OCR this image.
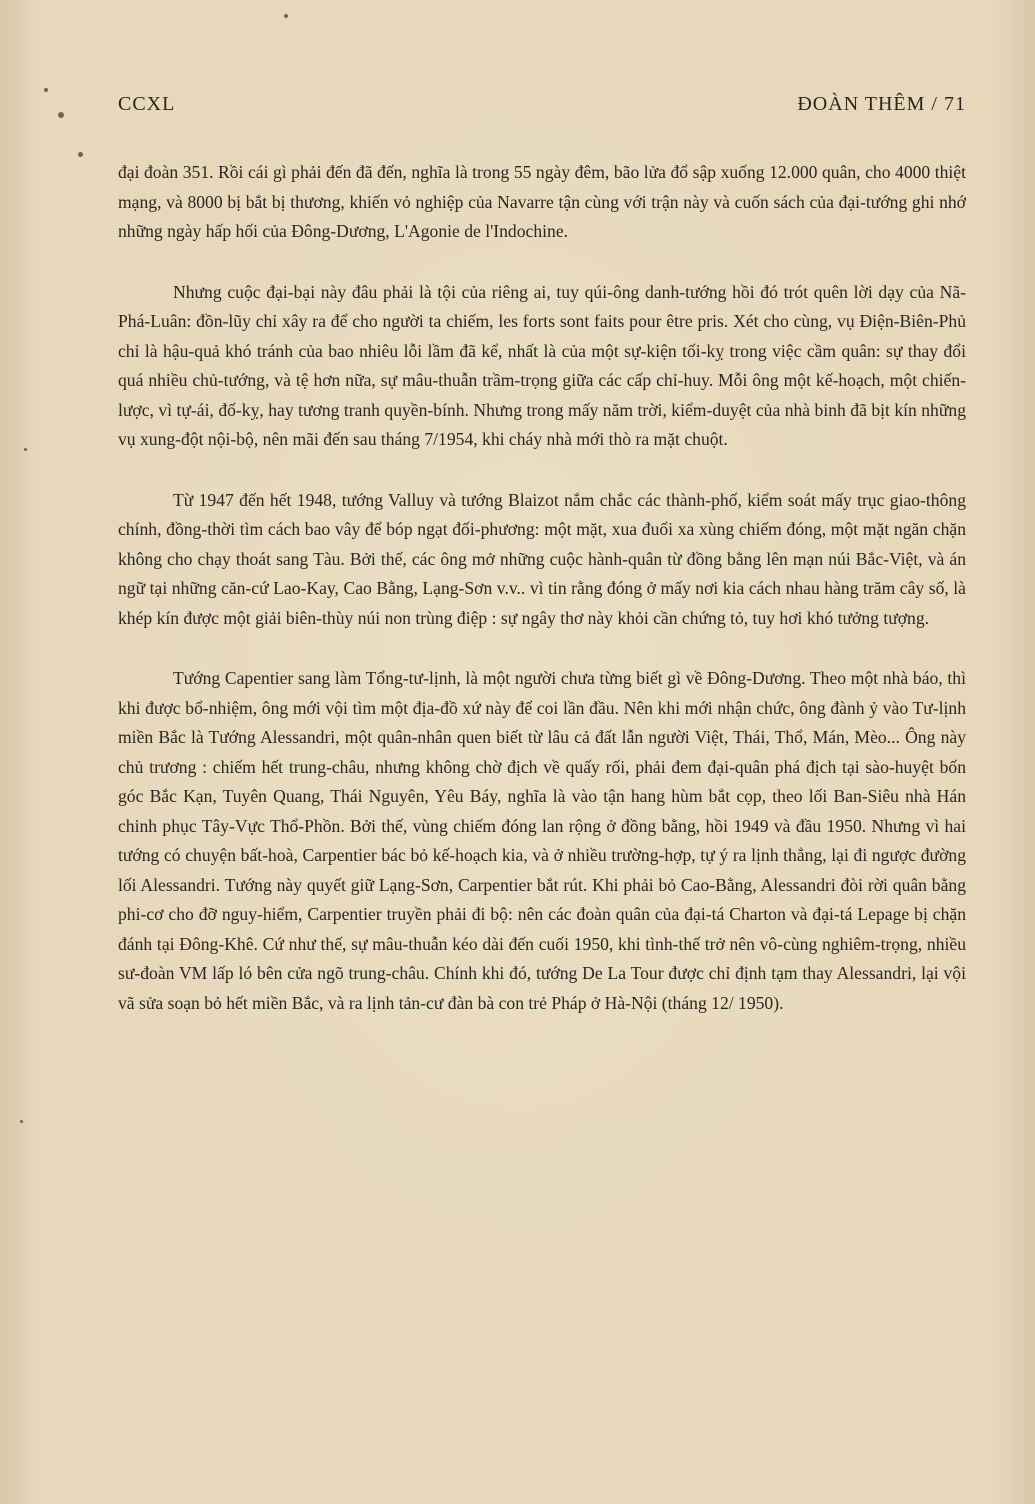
CCXL	ĐOÀN THÊM / 71

đại đoàn 351. Rồi cái gì phải đến đã đến, nghĩa là trong 55 ngày đêm, bão lửa đổ sập xuống 12.000 quân, cho 4000 thiệt mạng, và 8000 bị bắt bị thương, khiến vỏ nghiệp của Navarre tận cùng với trận này và cuốn sách của đại-tướng ghi nhớ những ngày hấp hối của Đông-Dương, L'Agonie de l'Indochine.

Nhưng cuộc đại-bại này đâu phải là tội của riêng ai, tuy qúi-ông danh-tướng hồi đó trót quên lời dạy của Nã-Phá-Luân: đồn-lũy chỉ xây ra để cho người ta chiếm, les forts sont faits pour être pris. Xét cho cùng, vụ Điện-Biên-Phủ chỉ là hậu-quả khó tránh của bao nhiêu lỗi lầm đã kể, nhất là của một sự-kiện tối-kỵ trong việc cầm quân: sự thay đổi quá nhiều chủ-tướng, và tệ hơn nữa, sự mâu-thuẫn trầm-trọng giữa các cấp chỉ-huy. Mỗi ông một kế-hoạch, một chiến-lược, vì tự-ái, đố-kỵ, hay tương tranh quyền-bính. Nhưng trong mấy năm trời, kiểm-duyệt của nhà binh đã bịt kín những vụ xung-đột nội-bộ, nên mãi đến sau tháng 7/1954, khi cháy nhà mới thò ra mặt chuột.

Từ 1947 đến hết 1948, tướng Valluy và tướng Blaizot nắm chắc các thành-phố, kiểm soát mấy trục giao-thông chính, đồng-thời tìm cách bao vây để bóp ngạt đối-phương: một mặt, xua đuổi xa xùng chiếm đóng, một mặt ngăn chặn không cho chạy thoát sang Tàu. Bởi thế, các ông mở những cuộc hành-quân từ đồng bằng lên mạn núi Bắc-Việt, và án ngữ tại những căn-cứ Lao-Kay, Cao Bằng, Lạng-Sơn v.v.. vì tin rằng đóng ở mấy nơi kia cách nhau hàng trăm cây số, là khép kín được một giải biên-thùy núi non trùng điệp : sự ngây thơ này khỏi cần chứng tỏ, tuy hơi khó tưởng tượng.

Tướng Capentier sang làm Tổng-tư-lịnh, là một người chưa từng biết gì về Đông-Dương. Theo một nhà báo, thì khi được bổ-nhiệm, ông mới vội tìm một địa-đồ xứ này để coi lần đầu. Nên khi mới nhận chức, ông đành ỷ vào Tư-lịnh miền Bắc là Tướng Alessandri, một quân-nhân quen biết từ lâu cả đất lẫn người Việt, Thái, Thổ, Mán, Mèo... Ông này chủ trương : chiếm hết trung-châu, nhưng không chờ địch về quấy rối, phải đem đại-quân phá địch tại sào-huyệt bốn góc Bắc Kạn, Tuyên Quang, Thái Nguyên, Yêu Báy, nghĩa là vào tận hang hùm bắt cọp, theo lối Ban-Siêu nhà Hán chinh phục Tây-Vực Thổ-Phồn. Bởi thế, vùng chiếm đóng lan rộng ở đồng bằng, hồi 1949 và đầu 1950. Nhưng vì hai tướng có chuyện bất-hoà, Carpentier bác bỏ kế-hoạch kia, và ở nhiều trường-hợp, tự ý ra lịnh thẳng, lại đi ngược đường lối Alessandri. Tướng này quyết giữ Lạng-Sơn, Carpentier bắt rút. Khi phải bỏ Cao-Bằng, Alessandri đòi rời quân bằng phi-cơ cho đỡ nguy-hiểm, Carpentier truyền phải đi bộ: nên các đoàn quân của đại-tá Charton và đại-tá Lepage bị chặn đánh tại Đông-Khê. Cứ như thế, sự mâu-thuẫn kéo dài đến cuối 1950, khi tình-thế trở nên vô-cùng nghiêm-trọng, nhiều sư-đoàn VM lấp ló bên cửa ngõ trung-châu. Chính khi đó, tướng De La Tour được chỉ định tạm thay Alessandri, lại vội vã sửa soạn bỏ hết miền Bắc, và ra lịnh tản-cư đàn bà con trẻ Pháp ở Hà-Nội (tháng 12/ 1950).
